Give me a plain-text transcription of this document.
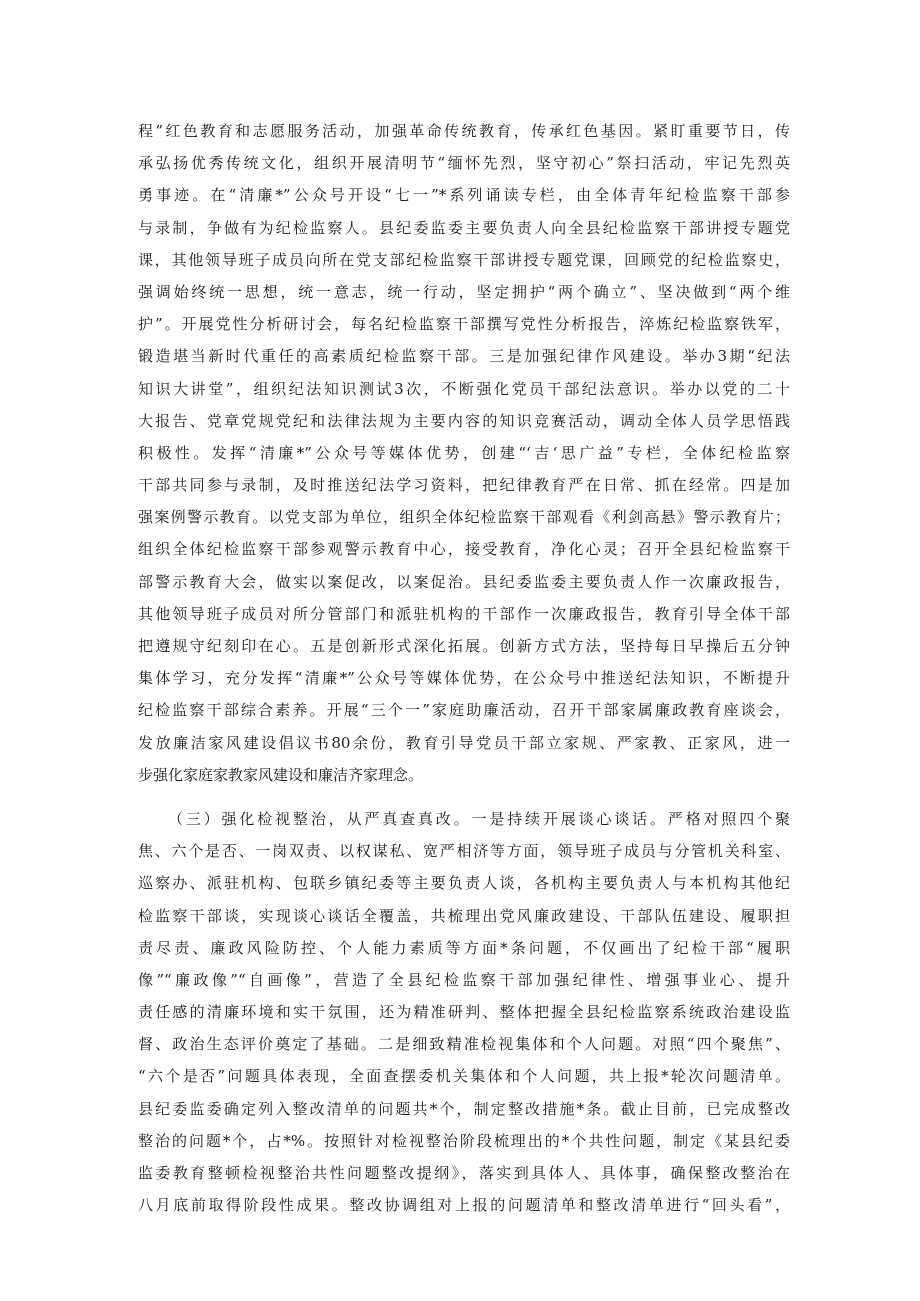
程”红色教育和志愿服务活动，加强革命传统教育，传承红色基因。紧盯重要节日，传
承弘扬优秀传统文化，组织开展清明节“缅怀先烈，坚守初心”祭扫活动，牢记先烈英
勇事迹。在“清廉*”公众号开设“七一”*系列诵读专栏，由全体青年纪检监察干部参
与录制，争做有为纪检监察人。县纪委监委主要负责人向全县纪检监察干部讲授专题党
课，其他领导班子成员向所在党支部纪检监察干部讲授专题党课，回顾党的纪检监察史，
强调始终统一思想，统一意志，统一行动，坚定拥护“两个确立”、坚决做到“两个维
护”。开展党性分析研讨会，每名纪检监察干部撰写党性分析报告，淬炼纪检监察铁军，
锻造堪当新时代重任的高素质纪检监察干部。三是加强纪律作风建设。举办3期“纪法
知识大讲堂”，组织纪法知识测试3次，不断强化党员干部纪法意识。举办以党的二十
大报告、党章党规党纪和法律法规为主要内容的知识竞赛活动，调动全体人员学思悟践
积极性。发挥“清廉*”公众号等媒体优势，创建“‘吉‘思广益”专栏，全体纪检监察
干部共同参与录制，及时推送纪法学习资料，把纪律教育严在日常、抓在经常。四是加
强案例警示教育。以党支部为单位，组织全体纪检监察干部观看《利剑高悬》警示教育片；
组织全体纪检监察干部参观警示教育中心，接受教育，净化心灵；召开全县纪检监察干
部警示教育大会，做实以案促改，以案促治。县纪委监委主要负责人作一次廉政报告，
其他领导班子成员对所分管部门和派驻机构的干部作一次廉政报告，教育引导全体干部
把遵规守纪刻印在心。五是创新形式深化拓展。创新方式方法，坚持每日早操后五分钟
集体学习，充分发挥“清廉*”公众号等媒体优势，在公众号中推送纪法知识，不断提升
纪检监察干部综合素养。开展“三个一”家庭助廉活动，召开干部家属廉政教育座谈会，
发放廉洁家风建设倡议书80余份，教育引导党员干部立家规、严家教、正家风，进一
步强化家庭家教家风建设和廉洁齐家理念。
（三）强化检视整治，从严真查真改。一是持续开展谈心谈话。严格对照四个聚
焦、六个是否、一岗双责、以权谋私、宽严相济等方面，领导班子成员与分管机关科室、
巡察办、派驻机构、包联乡镇纪委等主要负责人谈，各机构主要负责人与本机构其他纪
检监察干部谈，实现谈心谈话全覆盖，共梳理出党风廉政建设、干部队伍建设、履职担
责尽责、廉政风险防控、个人能力素质等方面*条问题，不仅画出了纪检干部“履职
像”“廉政像”“自画像”，营造了全县纪检监察干部加强纪律性、增强事业心、提升
责任感的清廉环境和实干氛围，还为精准研判、整体把握全县纪检监察系统政治建设监
督、政治生态评价奠定了基础。二是细致精准检视集体和个人问题。对照“四个聚焦”、
“六个是否”问题具体表现，全面查摆委机关集体和个人问题，共上报*轮次问题清单。
县纪委监委确定列入整改清单的问题共*个，制定整改措施*条。截止目前，已完成整改
整治的问题*个，占*%。按照针对检视整治阶段梳理出的*个共性问题，制定《某县纪委
监委教育整顿检视整治共性问题整改提纲》，落实到具体人、具体事，确保整改整治在
八月底前取得阶段性成果。整改协调组对上报的问题清单和整改清单进行“回头看”，
